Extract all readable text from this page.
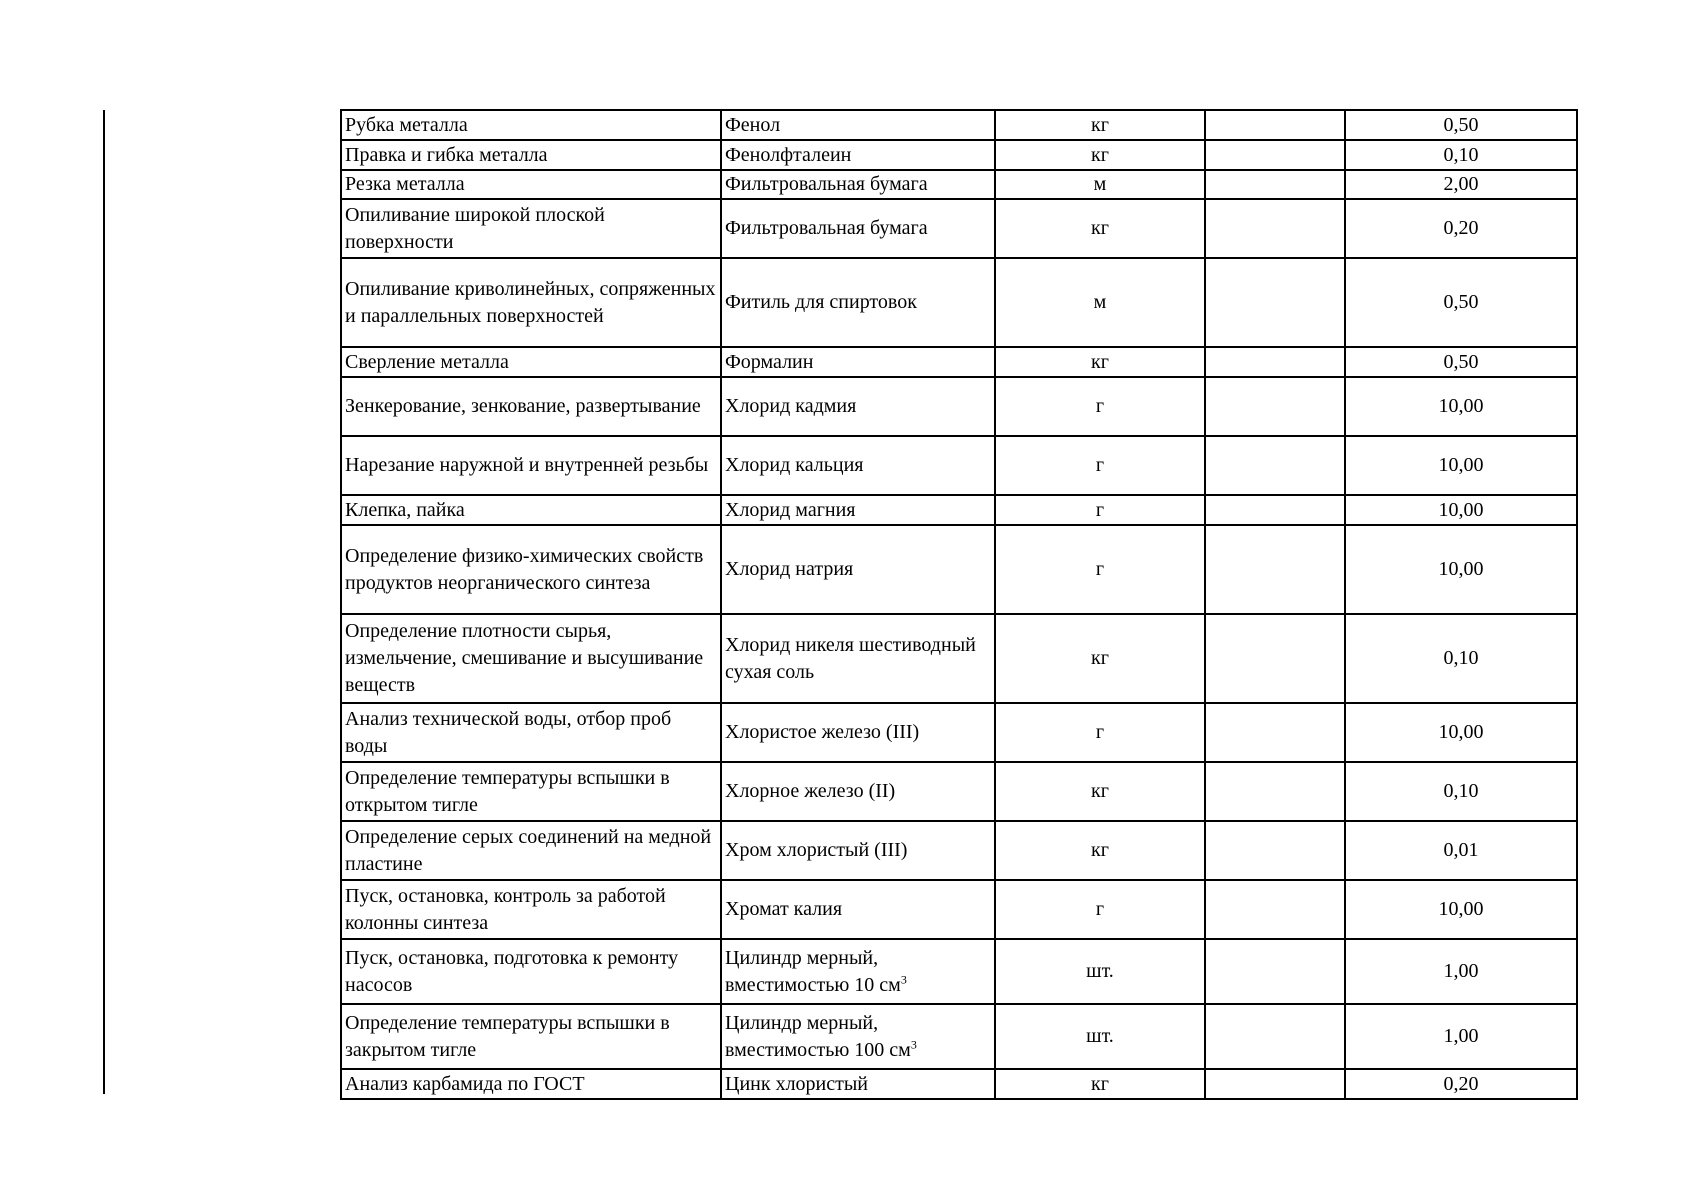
Рубка металла	Фенол	кг		0,50
Правка и гибка металла	Фенолфталеин	кг		0,10
Резка металла	Фильтровальная бумага	м		2,00
Опиливание широкой плоской поверхности	Фильтровальная бумага	кг		0,20
Опиливание криволинейных, сопряженных и параллельных поверхностей	Фитиль для спиртовок	м		0,50
Сверление металла	Формалин	кг		0,50
Зенкерование, зенкование, развертывание	Хлорид кадмия	г		10,00
Нарезание наружной и внутренней резьбы	Хлорид кальция	г		10,00
Клепка, пайка	Хлорид магния	г		10,00
Определение физико-химических свойств продуктов неорганического синтеза	Хлорид натрия	г		10,00
Определение плотности сырья, измельчение, смешивание и высушивание веществ	Хлорид никеля шестиводный сухая соль	кг		0,10
Анализ технической воды, отбор проб воды	Хлористое железо (III)	г		10,00
Определение температуры вспышки в открытом тигле	Хлорное железо (II)	кг		0,10
Определение серых соединений на медной пластине	Хром хлористый (III)	кг		0,01
Пуск, остановка, контроль за работой колонны синтеза	Хромат калия	г		10,00
Пуск, остановка, подготовка к ремонту насосов	Цилиндр мерный, вместимостью 10 $см^3$	шт.		1,00
Определение температуры вспышки в закрытом тигле	Цилиндр мерный, вместимостью 100 $см^3$	шт.		1,00
Анализ карбамида по ГОСТ	Цинк хлористый	кг		0,20
